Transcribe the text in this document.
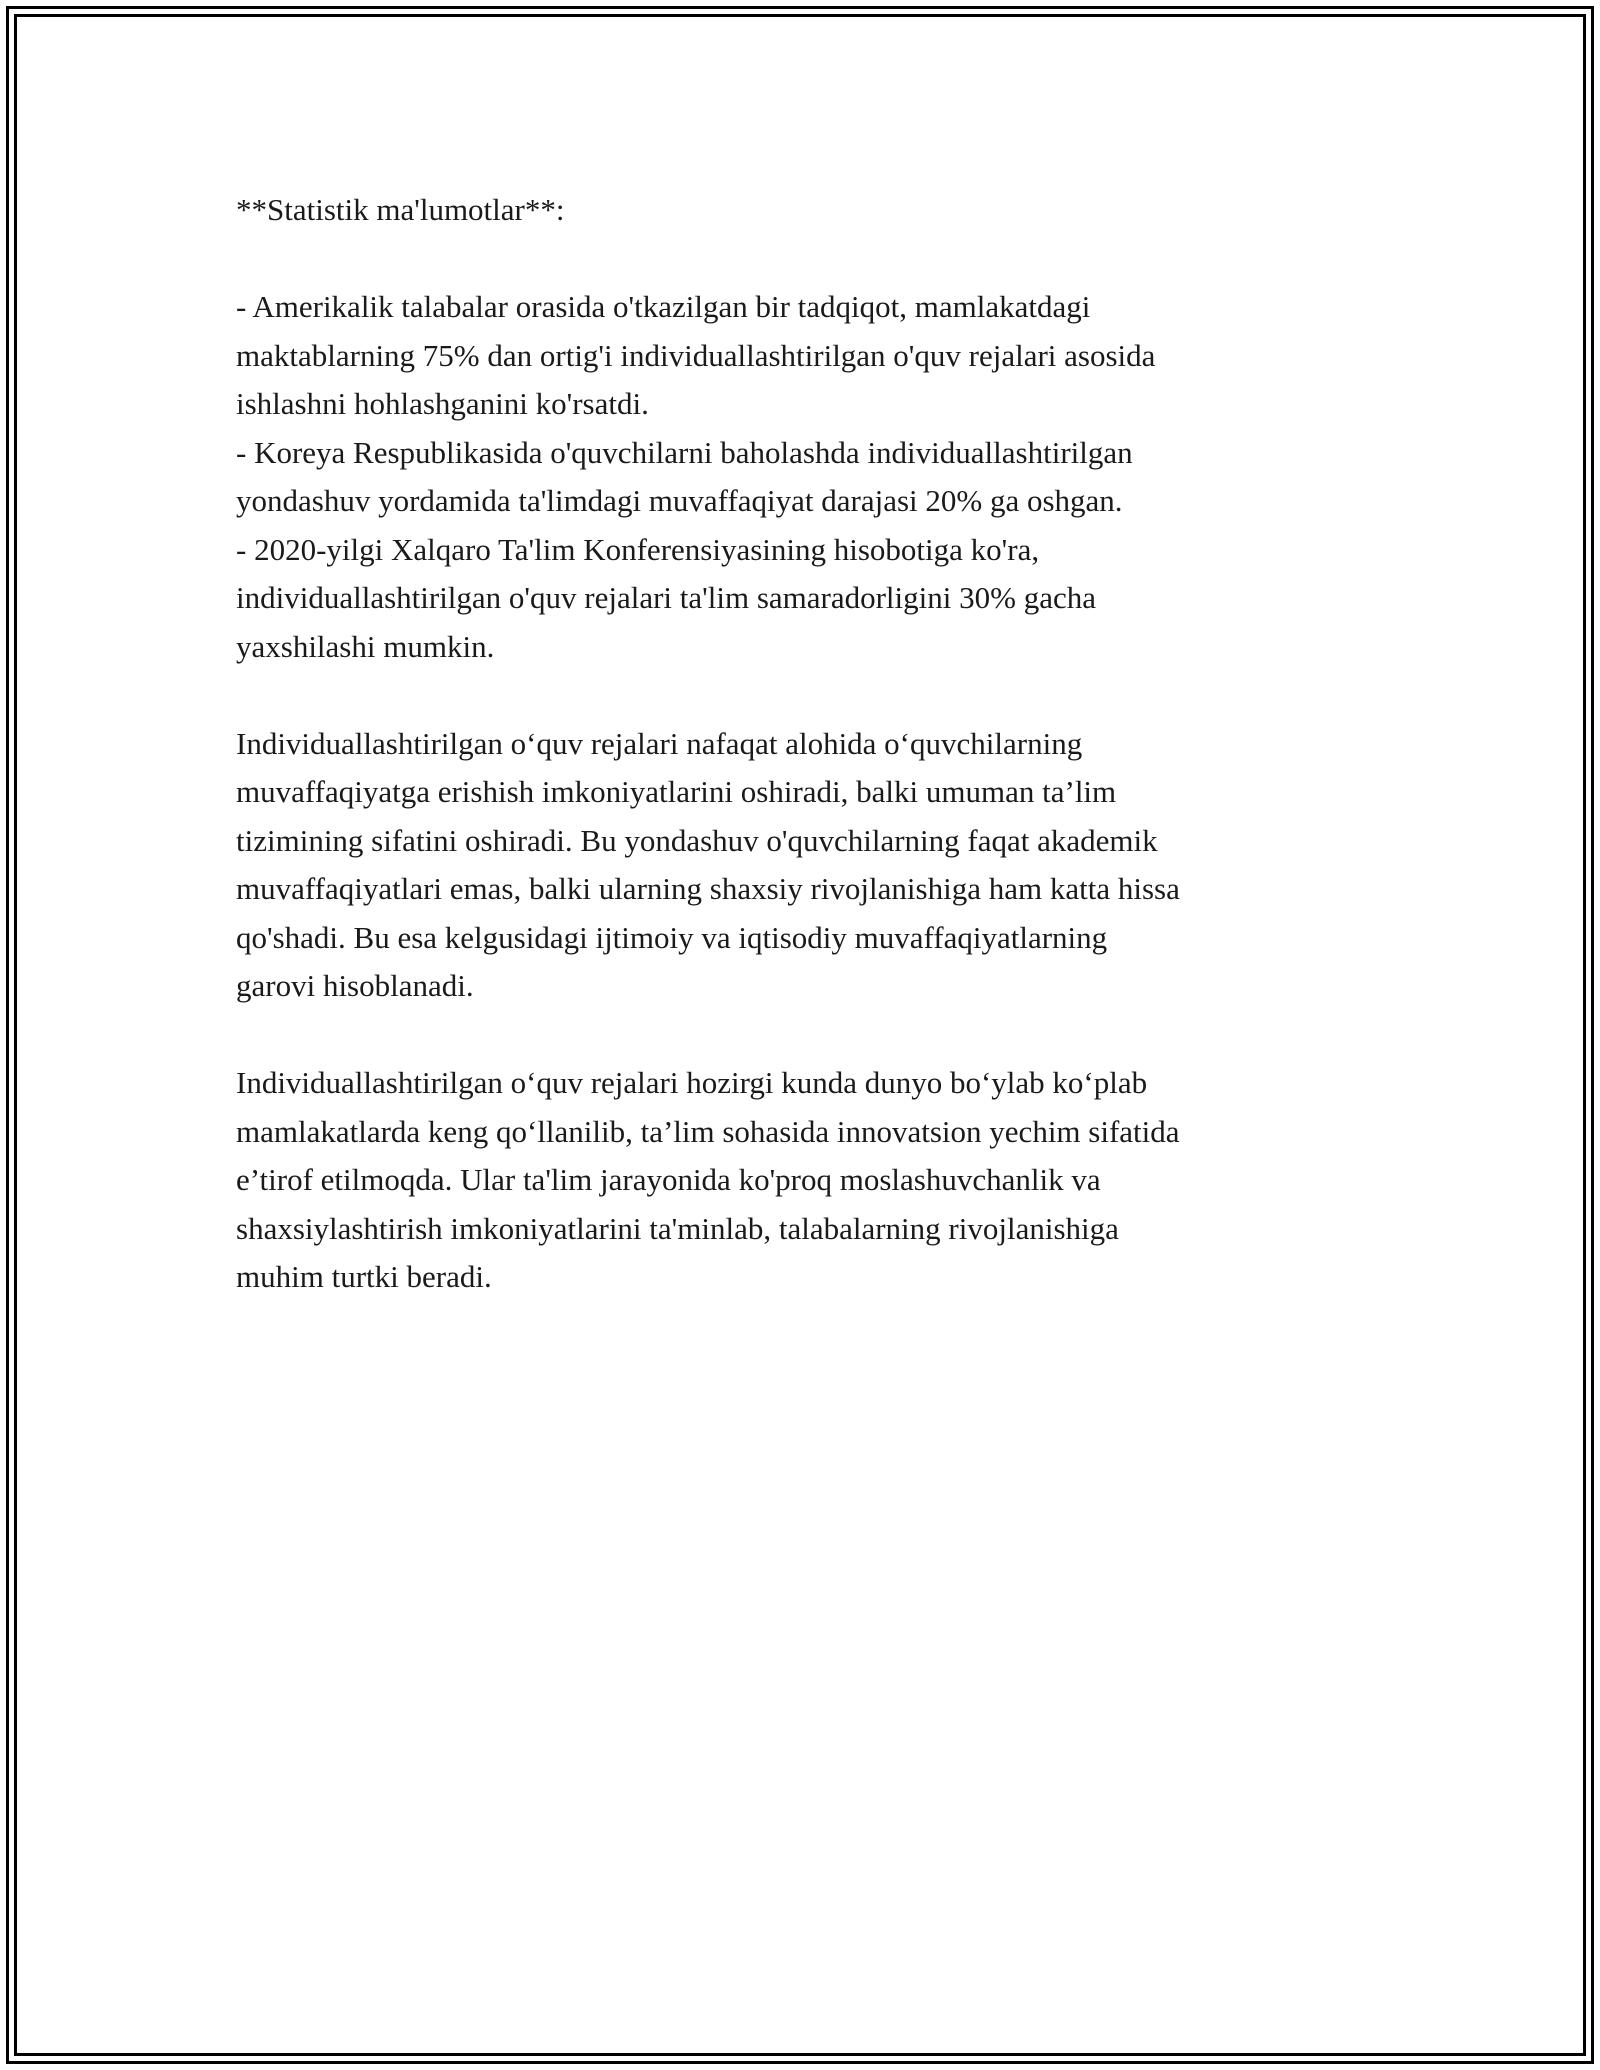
**Statistik ma'lumotlar**:
- Amerikalik talabalar orasida o'tkazilgan bir tadqiqot, mamlakatdagi
maktablarning 75% dan ortig'i individuallashtirilgan o'quv rejalari asosida
ishlashni hohlashganini ko'rsatdi.
- Koreya Respublikasida o'quvchilarni baholashda individuallashtirilgan
yondashuv yordamida ta'limdagi muvaffaqiyat darajasi 20% ga oshgan.
- 2020-yilgi Xalqaro Ta'lim Konferensiyasining hisobotiga ko'ra,
individuallashtirilgan o'quv rejalari ta'lim samaradorligini 30% gacha
yaxshilashi mumkin.
Individuallashtirilgan o‘quv rejalari nafaqat alohida o‘quvchilarning
muvaffaqiyatga erishish imkoniyatlarini oshiradi, balki umuman ta’lim
tizimining sifatini oshiradi. Bu yondashuv o'quvchilarning faqat akademik
muvaffaqiyatlari emas, balki ularning shaxsiy rivojlanishiga ham katta hissa
qo'shadi. Bu esa kelgusidagi ijtimoiy va iqtisodiy muvaffaqiyatlarning
garovi hisoblanadi.
Individuallashtirilgan o‘quv rejalari hozirgi kunda dunyo bo‘ylab ko‘plab
mamlakatlarda keng qo‘llanilib, ta’lim sohasida innovatsion yechim sifatida
e’tirof etilmoqda. Ular ta'lim jarayonida ko'proq moslashuvchanlik va
shaxsiylashtirish imkoniyatlarini ta'minlab, talabalarning rivojlanishiga
muhim turtki beradi.
